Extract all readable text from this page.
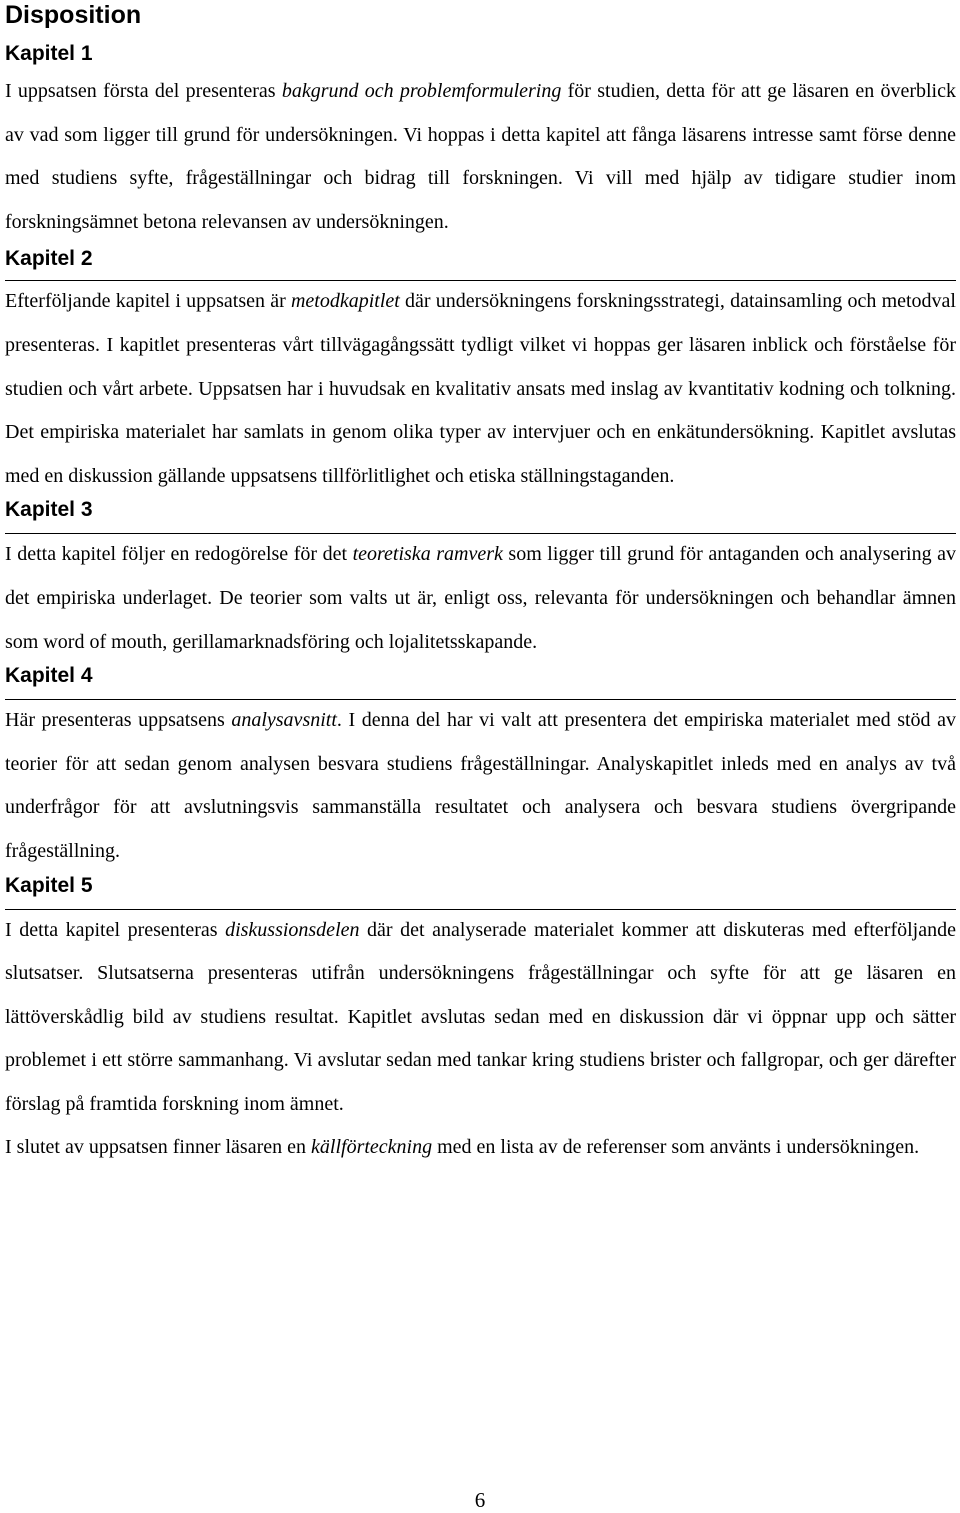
Disposition
Kapitel 1

I uppsatsen första del presenteras bakgrund och problemformulering för studien, detta för att ge läsaren en överblick av vad som ligger till grund för undersökningen. Vi hoppas i detta kapitel att fånga läsarens intresse samt förse denne med studiens syfte, frågeställningar och bidrag till forskningen. Vi vill med hjälp av tidigare studier inom forskningsämnet betona relevansen av undersökningen.

Kapitel 2

Efterföljande kapitel i uppsatsen är metodkapitlet där undersökningens forskningsstrategi, datainsamling och metodval presenteras. I kapitlet presenteras vårt tillvägagångssätt tydligt vilket vi hoppas ger läsaren inblick och förståelse för studien och vårt arbete. Uppsatsen har i huvudsak en kvalitativ ansats med inslag av kvantitativ kodning och tolkning. Det empiriska materialet har samlats in genom olika typer av intervjuer och en enkätundersökning. Kapitlet avslutas med en diskussion gällande uppsatsens tillförlitlighet och etiska ställningstaganden.

Kapitel 3

I detta kapitel följer en redogörelse för det teoretiska ramverk som ligger till grund för antaganden och analysering av det empiriska underlaget. De teorier som valts ut är, enligt oss, relevanta för undersökningen och behandlar ämnen som word of mouth, gerillamarknadsföring och lojalitetsskapande.

Kapitel 4

Här presenteras uppsatsens analysavsnitt. I denna del har vi valt att presentera det empiriska materialet med stöd av teorier för att sedan genom analysen besvara studiens frågeställningar. Analyskapitlet inleds med en analys av två underfrågor för att avslutningsvis sammanställa resultatet och analysera och besvara studiens övergripande frågeställning.

Kapitel 5

I detta kapitel presenteras diskussionsdelen där det analyserade materialet kommer att diskuteras med efterföljande slutsatser. Slutsatserna presenteras utifrån undersökningens frågeställningar och syfte för att ge läsaren en lättöverskådlig bild av studiens resultat. Kapitlet avslutas sedan med en diskussion där vi öppnar upp och sätter problemet i ett större sammanhang. Vi avslutar sedan med tankar kring studiens brister och fallgropar, och ger därefter förslag på framtida forskning inom ämnet.

I slutet av uppsatsen finner läsaren en källförteckning med en lista av de referenser som använts i undersökningen.

6
